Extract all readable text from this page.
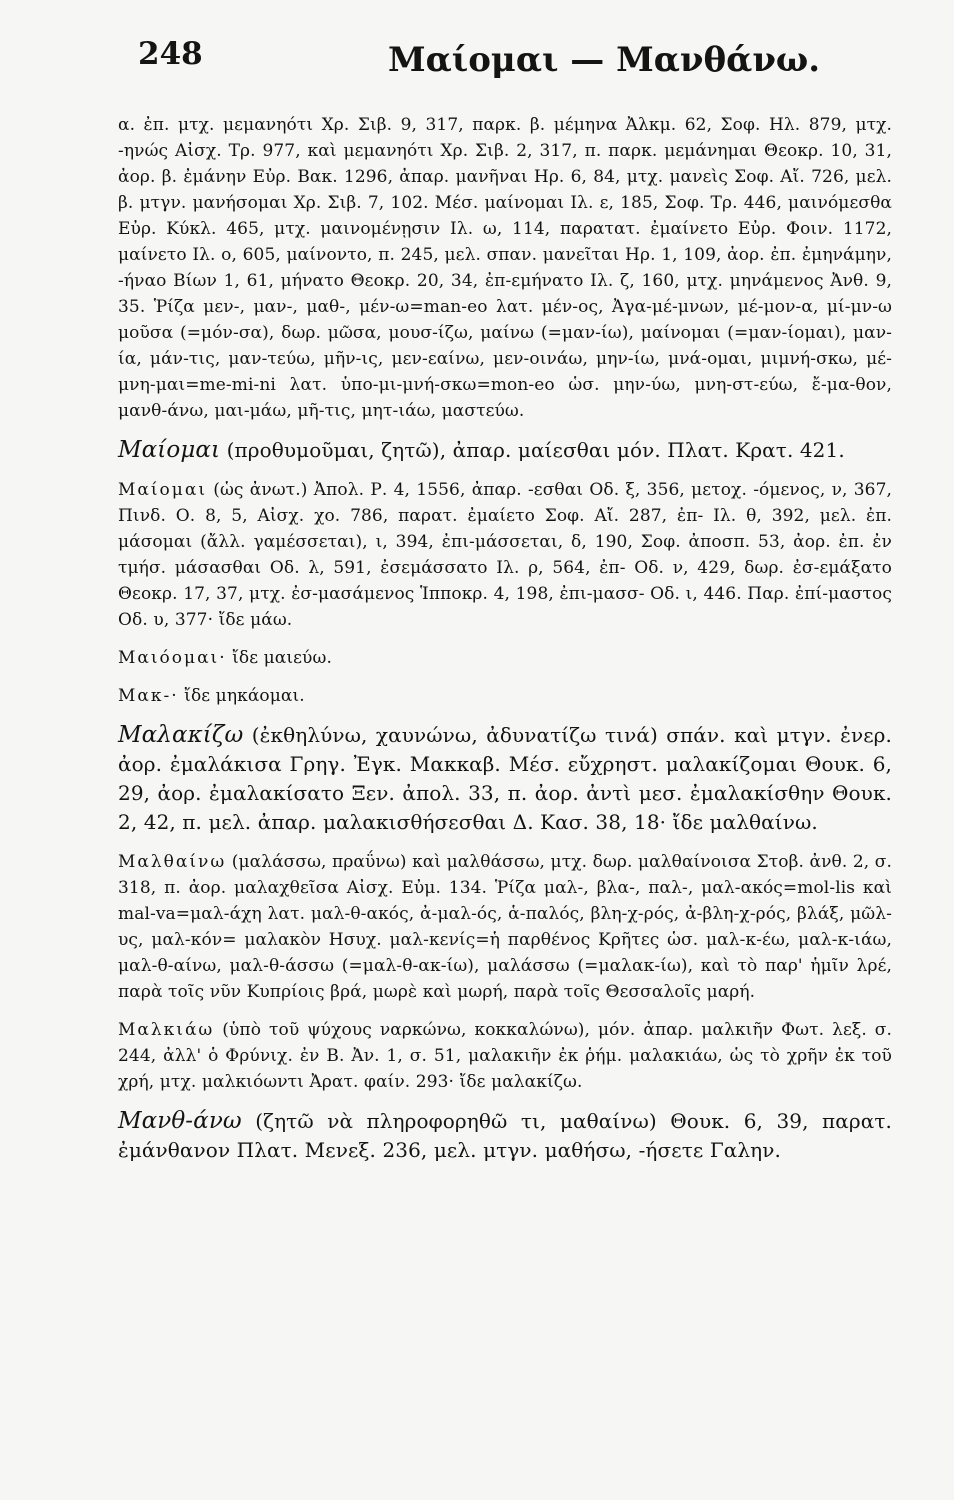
248	Μαίομαι — Μανθάνω.

α. ἐπ. μτχ. μεμανηότι Χρ. Σιβ. 9, 317, παρκ. β. μέμηνα Ἀλκμ. 62, Σοφ. Ηλ. 879, μτχ. -ηνώς Αἰσχ. Τρ. 977, καὶ μεμανηότι Χρ. Σιβ. 2, 317, π. παρκ. μεμάνημαι Θεοκρ. 10, 31, ἀορ. β. ἐμάνην Εὐρ. Βακ. 1296, ἀπαρ. μανῆναι Ηρ. 6, 84, μτχ. μανεὶς Σοφ. Αἴ. 726, μελ. β. μτγν. μανήσομαι Χρ. Σιβ. 7, 102. Μέσ. μαίνομαι Ιλ. ε, 185, Σοφ. Τρ. 446, μαινόμεσθα Εὐρ. Κύκλ. 465, μτχ. μαινομένῃσιν Ιλ. ω, 114, παρατατ. ἐμαίνετο Εὐρ. Φοιν. 1172, μαίνετο Ιλ. ο, 605, μαίνοντο, π. 245, μελ. σπαν. μανεῖται Ηρ. 1, 109, ἀορ. ἐπ. ἐμηνάμην, -ήναο Βίων 1, 61, μήνατο Θεοκρ. 20, 34, ἐπ-εμήνατο Ιλ. ζ, 160, μτχ. μηνάμενος Ἀνθ. 9, 35. Ῥίζα μεν-, μαν-, μαθ-, μέν-ω=man-eo λατ. μέν-ος, Ἀγα-μέ-μνων, μέ-μον-α, μί-μν-ω μοῦσα (=μόν-σα), δωρ. μῶσα, μουσ-ίζω, μαίνω (=μαν-ίω), μαίνομαι (=μαν-ίομαι), μαν-ία, μάν-τις, μαν-τεύω, μῆν-ις, μεν-εαίνω, μεν-οινάω, μην-ίω, μνά-ομαι, μιμνή-σκω, μέ-μνη-μαι=me-mi-ni λατ. ὑπο-μι-μνή-σκω=mon-eo ὡσ. μην-ύω, μνη-στ-εύω, ἔ-μα-θον, μανθ-άνω, μαι-μάω, μῆ-τις, μητ-ιάω, μαστεύω.

Μαίομαι (προθυμοῦμαι, ζητῶ), ἀπαρ. μαίεσθαι μόν. Πλατ. Κρατ. 421.

Μαίομαι (ὡς ἀνωτ.) Ἀπολ. Ρ. 4, 1556, ἀπαρ. -εσθαι Οδ. ξ, 356, μετοχ. -όμενος, ν, 367, Πινδ. Ο. 8, 5, Αἰσχ. χο. 786, παρατ. ἐμαίετο Σοφ. Αἴ. 287, ἐπ- Ιλ. θ, 392, μελ. ἐπ. μάσομαι (ἄλλ. γαμέσσεται), ι, 394, ἐπι-μάσσεται, δ, 190, Σοφ. ἀποσπ. 53, ἀορ. ἐπ. ἐν τμήσ. μάσασθαι Οδ. λ, 591, ἐσεμάσσατο Ιλ. ρ, 564, ἐπ- Οδ. ν, 429, δωρ. ἐσ-εμάξατο Θεοκρ. 17, 37, μτχ. ἐσ-μασάμενος Ἱπποκρ. 4, 198, ἐπι-μασσ- Οδ. ι, 446. Παρ. ἐπί-μαστος Οδ. υ, 377· ἴδε μάω.

Μαιόομαι· ἴδε μαιεύω.

Μακ-· ἴδε μηκάομαι.

Μαλακίζω (ἐκθηλύνω, χαυνώνω, ἀδυνατίζω τινά) σπάν. καὶ μτγν. ἐνερ. ἀορ. ἐμαλάκισα Γρηγ. Ἐγκ. Μακκαβ. Μέσ. εὔχρηστ. μαλακίζομαι Θουκ. 6, 29, ἀορ. ἐμαλακίσατο Ξεν. ἀπολ. 33, π. ἀορ. ἀντὶ μεσ. ἐμαλακίσθην Θουκ. 2, 42, π. μελ. ἀπαρ. μαλακισθήσεσθαι Δ. Κασ. 38, 18· ἴδε μαλθαίνω.

Μαλθαίνω (μαλάσσω, πραΰνω) καὶ μαλθάσσω, μτχ. δωρ. μαλθαίνοισα Στοβ. ἀνθ. 2, σ. 318, π. ἀορ. μαλαχθεῖσα Αἰσχ. Εὐμ. 134. Ῥίζα μαλ-, βλα-, παλ-, μαλ-ακός=mol-lis καὶ mal-va=μαλ-άχη λατ. μαλ-θ-ακός, ἀ-μαλ-ός, ἁ-παλός, βλη-χ-ρός, ἀ-βλη-χ-ρός, βλάξ, μῶλ-υς, μαλ-κόν= μαλακὸν Ησυχ. μαλ-κενίς=ἡ παρθένος Κρῆτες ὡσ. μαλ-κ-έω, μαλ-κ-ιάω, μαλ-θ-αίνω, μαλ-θ-άσσω (=μαλ-θ-ακ-ίω), μαλάσσω (=μαλακ-ίω), καὶ τὸ παρ' ἡμῖν λρέ, παρὰ τοῖς νῦν Κυπρίοις βρά, μωρὲ καὶ μωρή, παρὰ τοῖς Θεσσαλοῖς μαρή.

Μαλκιάω (ὑπὸ τοῦ ψύχους ναρκώνω, κοκκαλώνω), μόν. ἀπαρ. μαλκιῆν Φωτ. λεξ. σ. 244, ἀλλ' ὁ Φρύνιχ. ἐν Β. Ἀν. 1, σ. 51, μαλακιῆν ἐκ ῥήμ. μαλακιάω, ὡς τὸ χρῆν ἐκ τοῦ χρή, μτχ. μαλκιόωντι Ἀρατ. φαίν. 293· ἴδε μαλακίζω.

Μανθ-άνω (ζητῶ νὰ πληροφορηθῶ τι, μαθαίνω) Θουκ. 6, 39, παρατ. ἐμάνθανον Πλατ. Μενεξ. 236, μελ. μτγν. μαθήσω, -ήσετε Γαλην.
